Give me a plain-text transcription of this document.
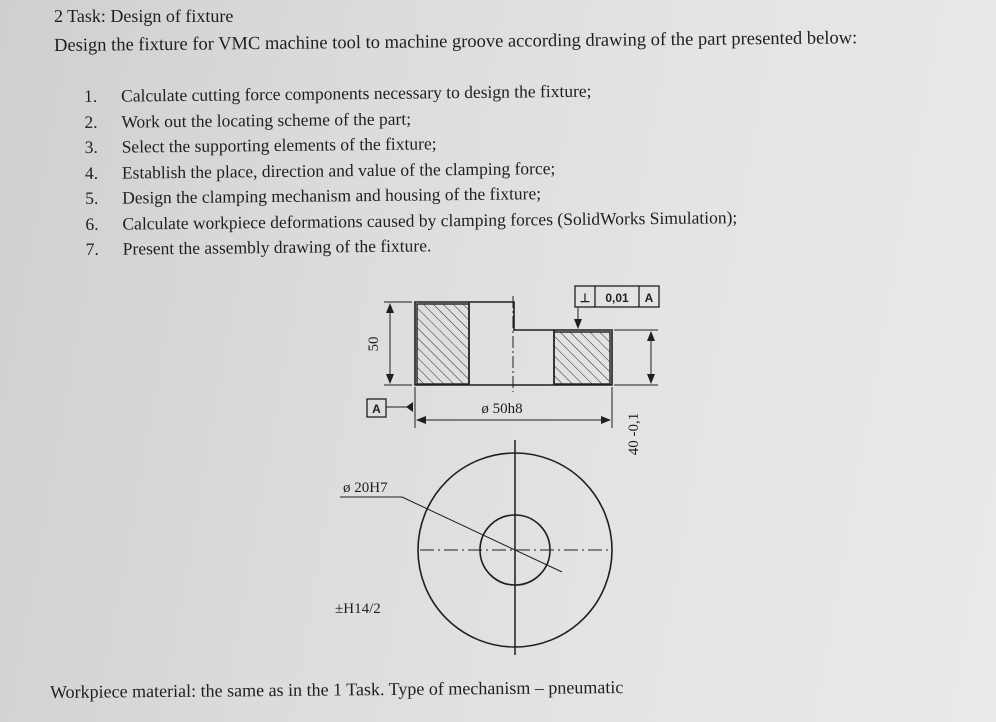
2 Task: Design of fixture
Design the fixture for VMC machine tool to machine groove according drawing of the part presented below:
1.	Calculate cutting force components necessary to design the fixture;
2.	Work out the locating scheme of the part;
3.	Select the supporting elements of the fixture;
4.	Establish the place, direction and value of the clamping force;
5.	Design the clamping mechanism and housing of the fixture;
6.	Calculate workpiece deformations caused by clamping forces (SolidWorks Simulation);
7.	Present the assembly drawing of the fixture.
⊥ 0,01 A
A
50
ø 50h8
40 -0,1
ø 20H7
±H14/2
Workpiece material: the same as in the 1 Task. Type of mechanism – pneumatic
